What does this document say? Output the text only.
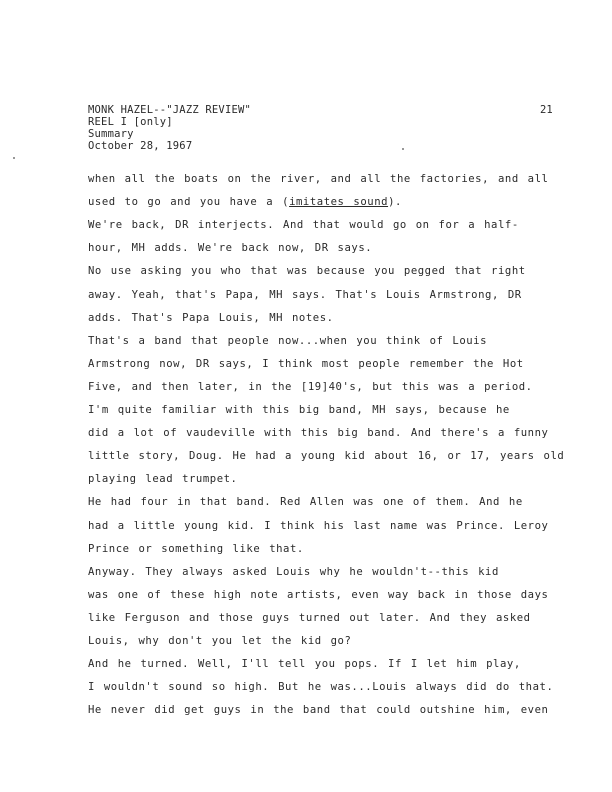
MONK HAZEL--"JAZZ REVIEW"
REEL I [only]
Summary
October 28, 1967
21
when all the boats on the river, and all the factories, and all
used to go and you have a (imitates sound).
We're back, DR interjects. And that would go on for a half-
hour, MH adds. We're back now, DR says.
No use asking you who that was because you pegged that right
away. Yeah, that's Papa, MH says. That's Louis Armstrong, DR
adds. That's Papa Louis, MH notes.
That's a band that people now...when you think of Louis
Armstrong now, DR says, I think most people remember the Hot
Five, and then later, in the [19]40's, but this was a period.
I'm quite familiar with this big band, MH says, because he
did a lot of vaudeville with this big band. And there's a funny
little story, Doug. He had a young kid about 16, or 17, years old
playing lead trumpet.
He had four in that band. Red Allen was one of them. And he
had a little young kid. I think his last name was Prince. Leroy
Prince or something like that.
Anyway. They always asked Louis why he wouldn't--this kid
was one of these high note artists, even way back in those days
like Ferguson and those guys turned out later. And they asked
Louis, why don't you let the kid go?
And he turned. Well, I'll tell you pops. If I let him play,
I wouldn't sound so high. But he was...Louis always did do that.
He never did get guys in the band that could outshine him, even
